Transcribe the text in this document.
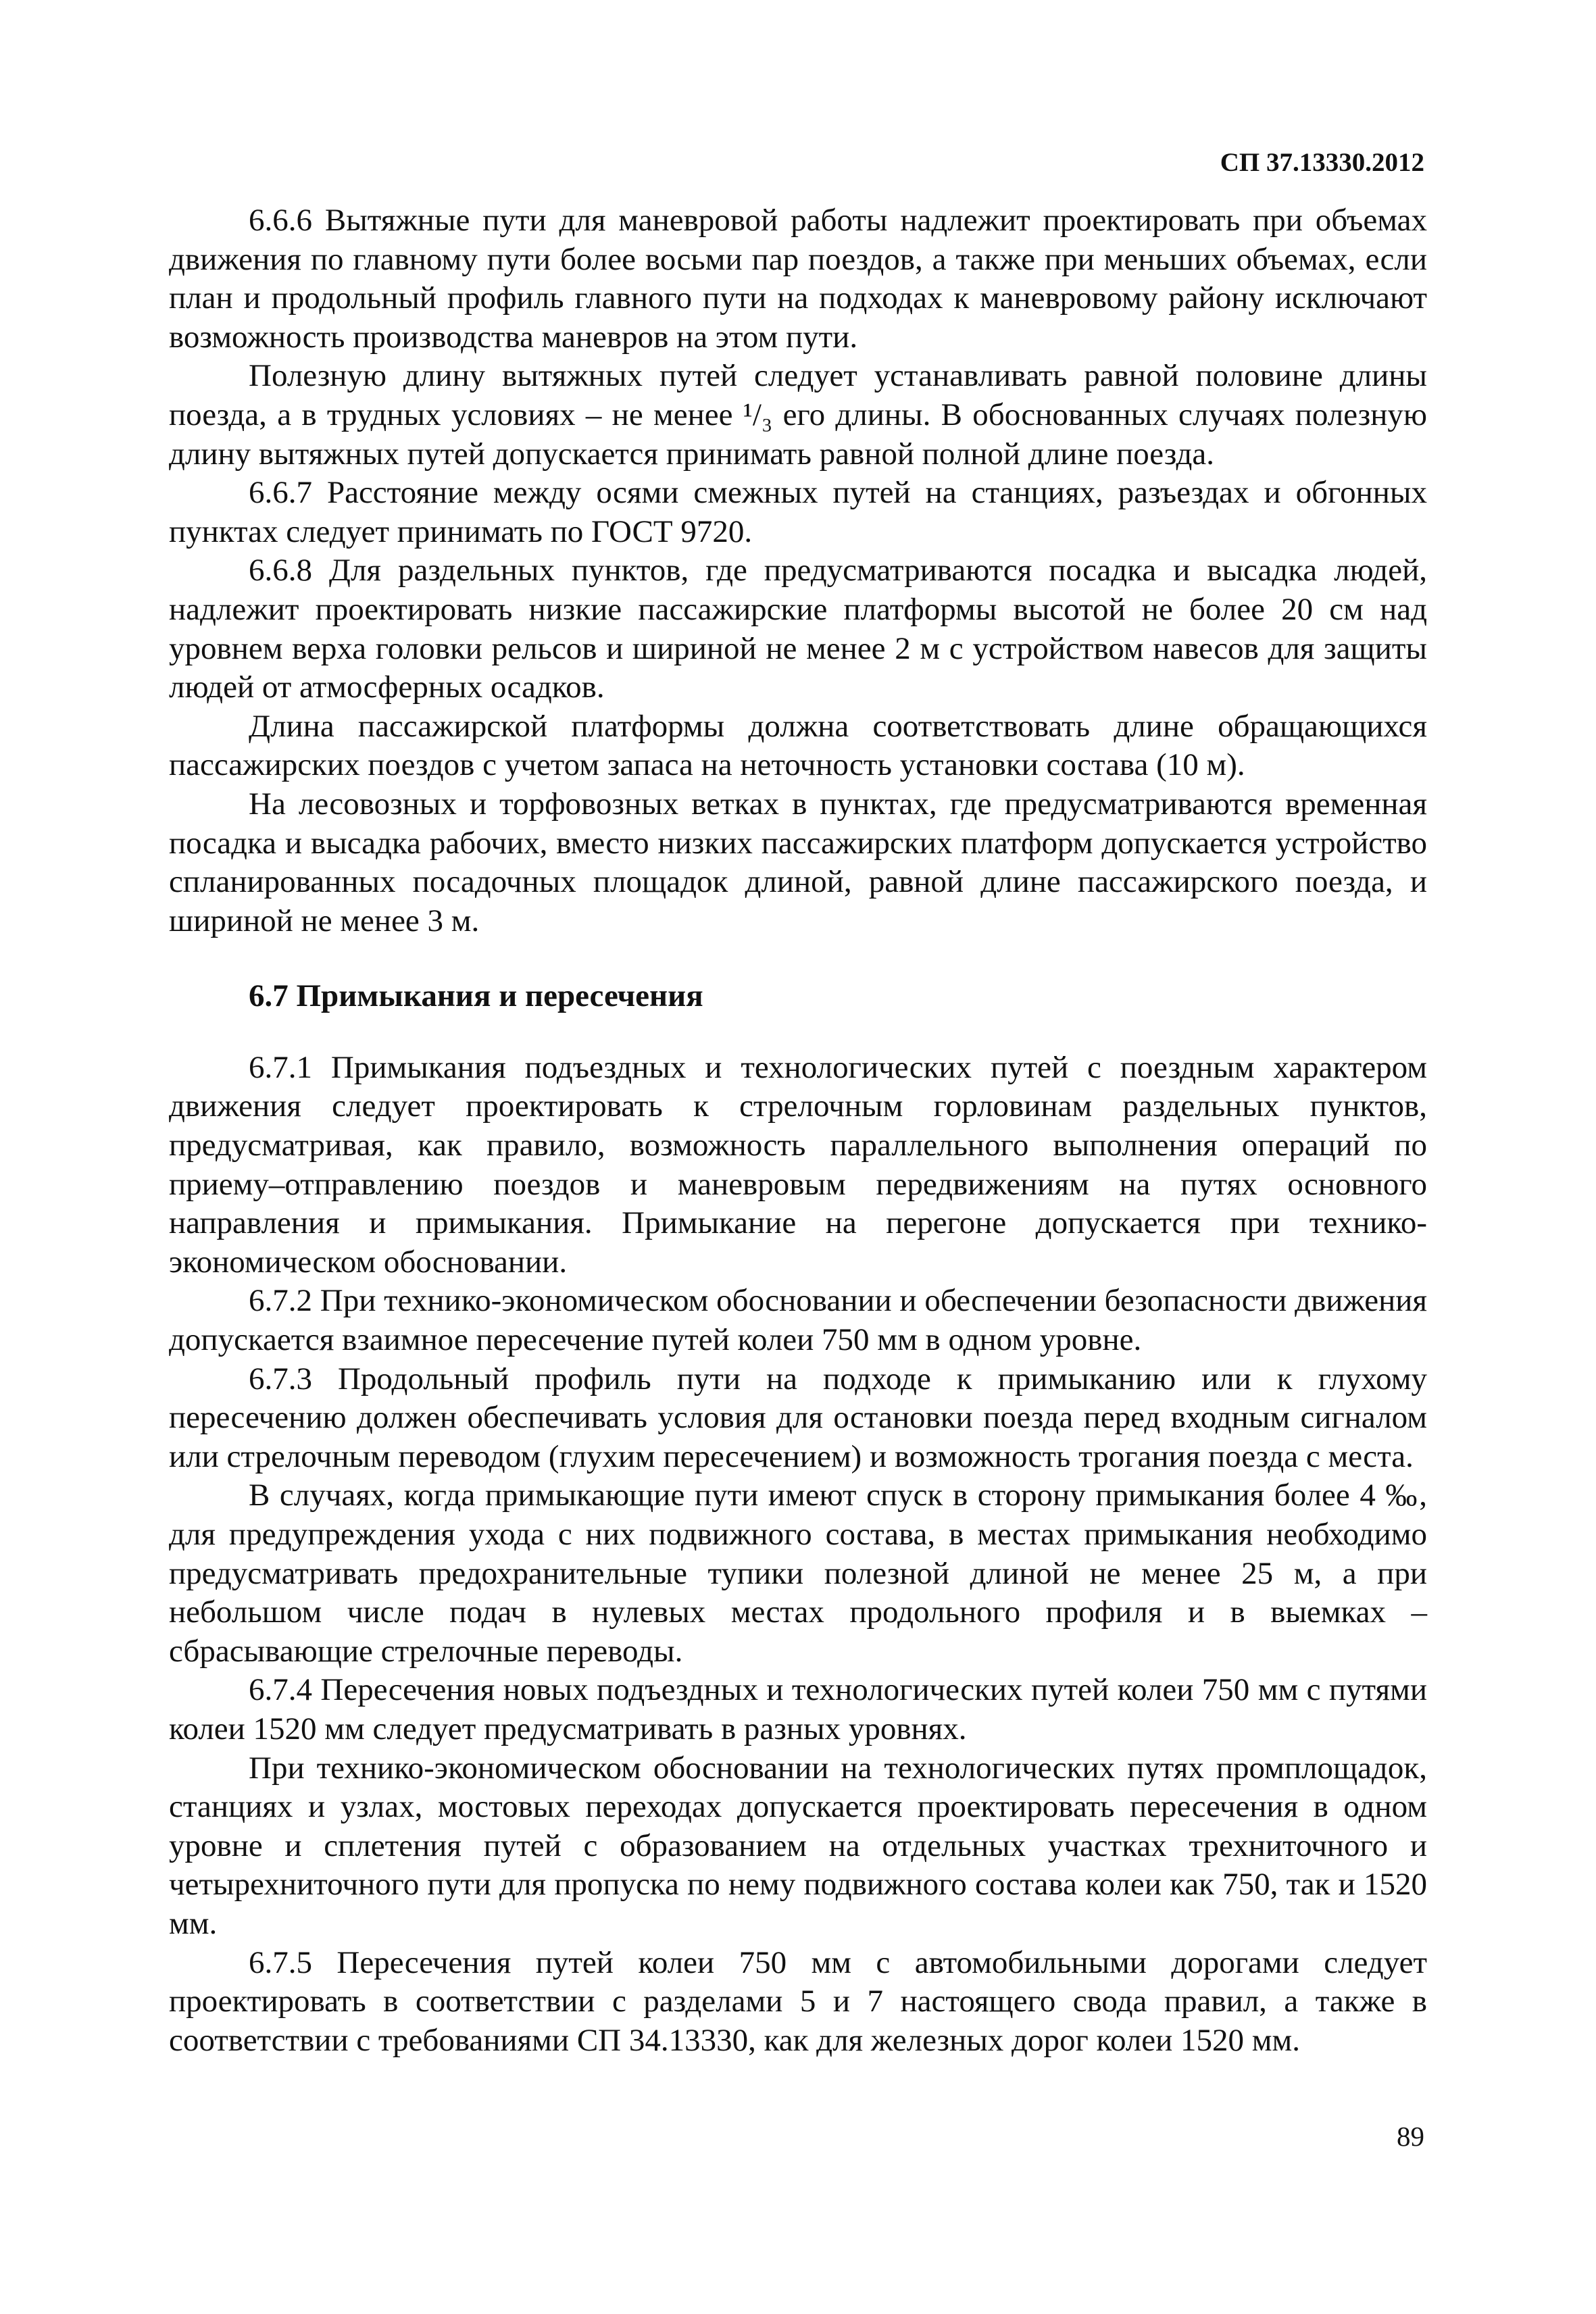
СП 37.13330.2012

6.6.6 Вытяжные пути для маневровой работы надлежит проектировать при объемах движения по главному пути более восьми пар поездов, а также при меньших объемах, если план и продольный профиль главного пути на подходах к маневровому району исключают возможность производства маневров на этом пути.

Полезную длину вытяжных путей следует устанавливать равной половине длины поезда, а в трудных условиях – не менее ¹/₃ его длины. В обоснованных случаях полезную длину вытяжных путей допускается принимать равной полной длине поезда.

6.6.7 Расстояние между осями смежных путей на станциях, разъездах и обгонных пунктах следует принимать по ГОСТ 9720.

6.6.8 Для раздельных пунктов, где предусматриваются посадка и высадка людей, надлежит проектировать низкие пассажирские платформы высотой не более 20 см над уровнем верха головки рельсов и шириной не менее 2 м с устройством навесов для защиты людей от атмосферных осадков.

Длина пассажирской платформы должна соответствовать длине обращающихся пассажирских поездов с учетом запаса на неточность установки состава (10 м).

На лесовозных и торфовозных ветках в пунктах, где предусматриваются временная посадка и высадка рабочих, вместо низких пассажирских платформ допускается устройство спланированных посадочных площадок длиной, равной длине пассажирского поезда, и шириной не менее 3 м.

6.7 Примыкания и пересечения

6.7.1 Примыкания подъездных и технологических путей с поездным характером движения следует проектировать к стрелочным горловинам раздельных пунктов, предусматривая, как правило, возможность параллельного выполнения операций по приему–отправлению поездов и маневровым передвижениям на путях основного направления и примыкания. Примыкание на перегоне допускается при технико-экономическом обосновании.

6.7.2 При технико-экономическом обосновании и обеспечении безопасности движения допускается взаимное пересечение путей колеи 750 мм в одном уровне.

6.7.3 Продольный профиль пути на подходе к примыканию или к глухому пересечению должен обеспечивать условия для остановки поезда перед входным сигналом или стрелочным переводом (глухим пересечением) и возможность трогания поезда с места.

В случаях, когда примыкающие пути имеют спуск в сторону примыкания более 4 ‰, для предупреждения ухода с них подвижного состава, в местах примыкания необходимо предусматривать предохранительные тупики полезной длиной не менее 25 м, а при небольшом числе подач в нулевых местах продольного профиля и в выемках – сбрасывающие стрелочные переводы.

6.7.4 Пересечения новых подъездных и технологических путей колеи 750 мм с путями колеи 1520 мм следует предусматривать в разных уровнях.

При технико-экономическом обосновании на технологических путях промплощадок, станциях и узлах, мостовых переходах допускается проектировать пересечения в одном уровне и сплетения путей с образованием на отдельных участках трехниточного и четырехниточного пути для пропуска по нему подвижного состава колеи как 750, так и 1520 мм.

6.7.5 Пересечения путей колеи 750 мм с автомобильными дорогами следует проектировать в соответствии с разделами 5 и 7 настоящего свода правил, а также в соответствии с требованиями СП 34.13330, как для железных дорог колеи 1520 мм.

89
